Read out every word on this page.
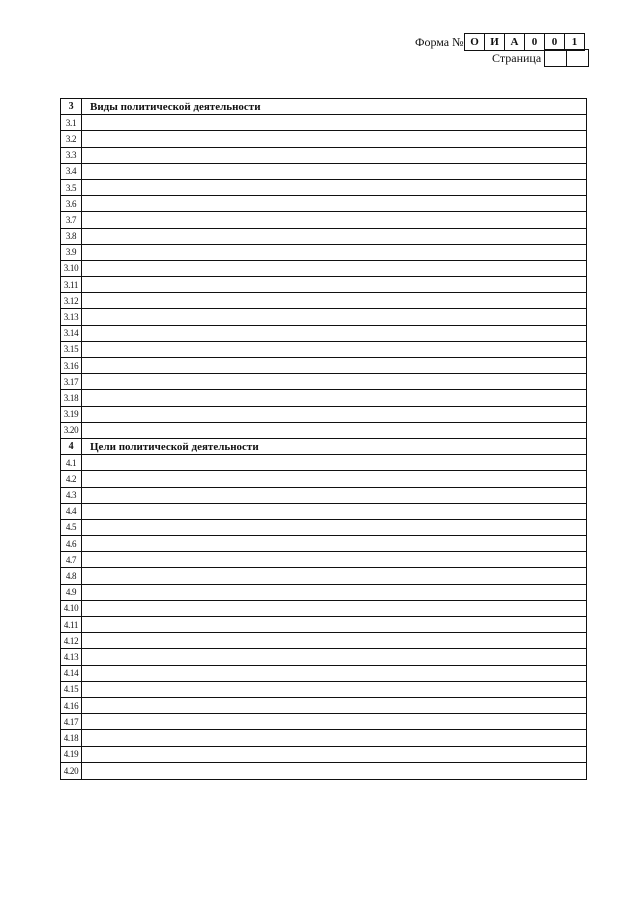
Форма № О	И	А	0	0	1
Страница
3	Виды политической деятельности
3.1
3.2
3.3
3.4
3.5
3.6
3.7
3.8
3.9
3.10
3.11
3.12
3.13
3.14
3.15
3.16
3.17
3.18
3.19
3.20
4	Цели политической деятельности
4.1
4.2
4.3
4.4
4.5
4.6
4.7
4.8
4.9
4.10
4.11
4.12
4.13
4.14
4.15
4.16
4.17
4.18
4.19
4.20
